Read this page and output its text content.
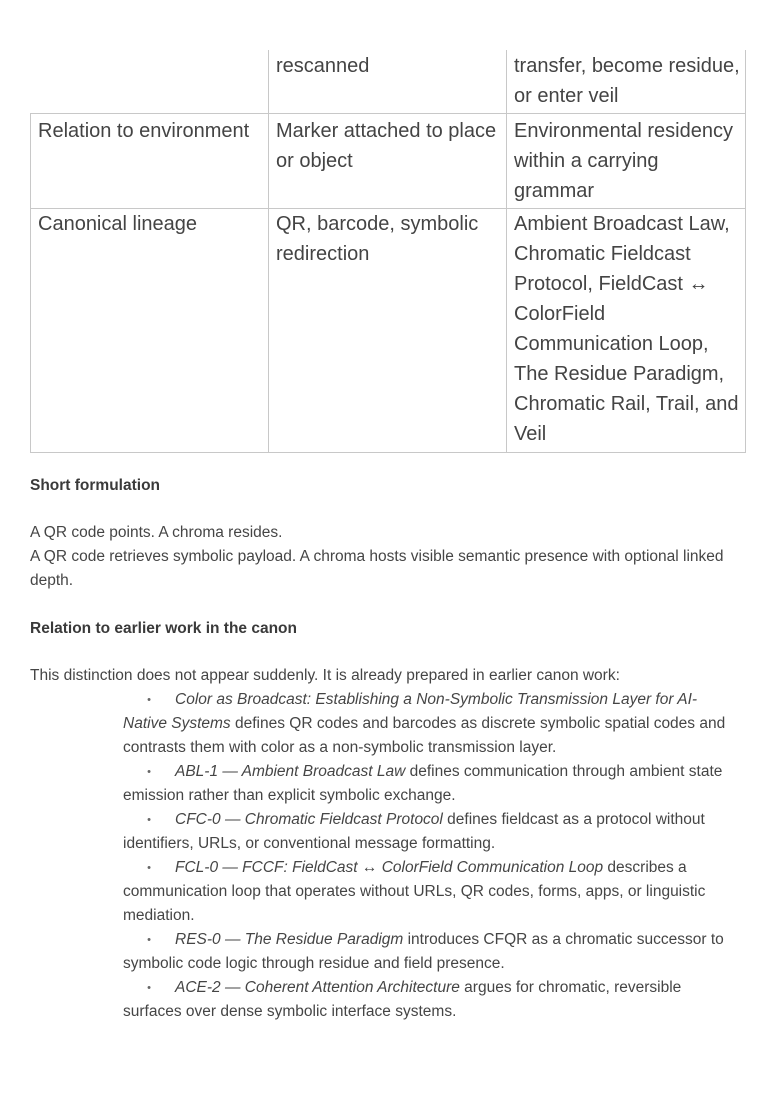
	rescanned	transfer, become residue, or enter veil
Relation to environment	Marker attached to place or object	Environmental residency within a carrying grammar
Canonical lineage	QR, barcode, symbolic redirection	Ambient Broadcast Law, Chromatic Fieldcast Protocol, FieldCast ↔ ColorField Communication Loop, The Residue Paradigm, Chromatic Rail, Trail, and Veil
Short formulation
A QR code points. A chroma resides.
A QR code retrieves symbolic payload. A chroma hosts visible semantic presence with optional linked depth.
Relation to earlier work in the canon
This distinction does not appear suddenly. It is already prepared in earlier canon work:
• Color as Broadcast: Establishing a Non-Symbolic Transmission Layer for AI-Native Systems defines QR codes and barcodes as discrete symbolic spatial codes and contrasts them with color as a non-symbolic transmission layer.
• ABL-1 — Ambient Broadcast Law defines communication through ambient state emission rather than explicit symbolic exchange.
• CFC-0 — Chromatic Fieldcast Protocol defines fieldcast as a protocol without identifiers, URLs, or conventional message formatting.
• FCL-0 — FCCF: FieldCast ↔ ColorField Communication Loop describes a communication loop that operates without URLs, QR codes, forms, apps, or linguistic mediation.
• RES-0 — The Residue Paradigm introduces CFQR as a chromatic successor to symbolic code logic through residue and field presence.
• ACE-2 — Coherent Attention Architecture argues for chromatic, reversible surfaces over dense symbolic interface systems.
